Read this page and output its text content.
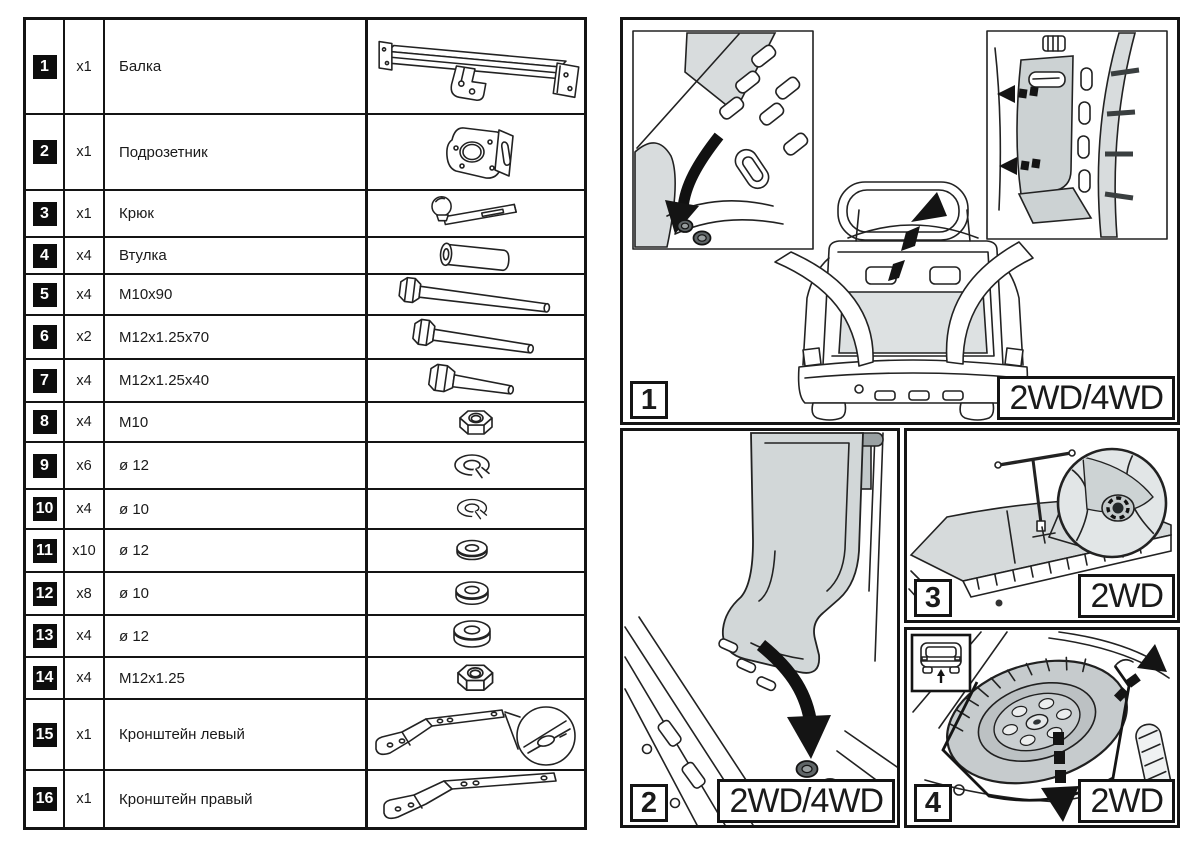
1	x1	Балка
2	x1	Подрозетник
3	x1	Крюк
4	x4	Втулка
5	x4	M10x90
6	x2	M12x1.25x70
7	x4	M12x1.25x40
8	x4	M10
9	x6	ø 12
10	x4	ø 10
11	x10	ø 12
12	x8	ø 10
13	x4	ø 12
14	x4	M12x1.25
15	x1	Кронштейн левый
16	x1	Кронштейн правый
1	2WD/4WD
2	2WD/4WD
3	2WD
4	2WD
